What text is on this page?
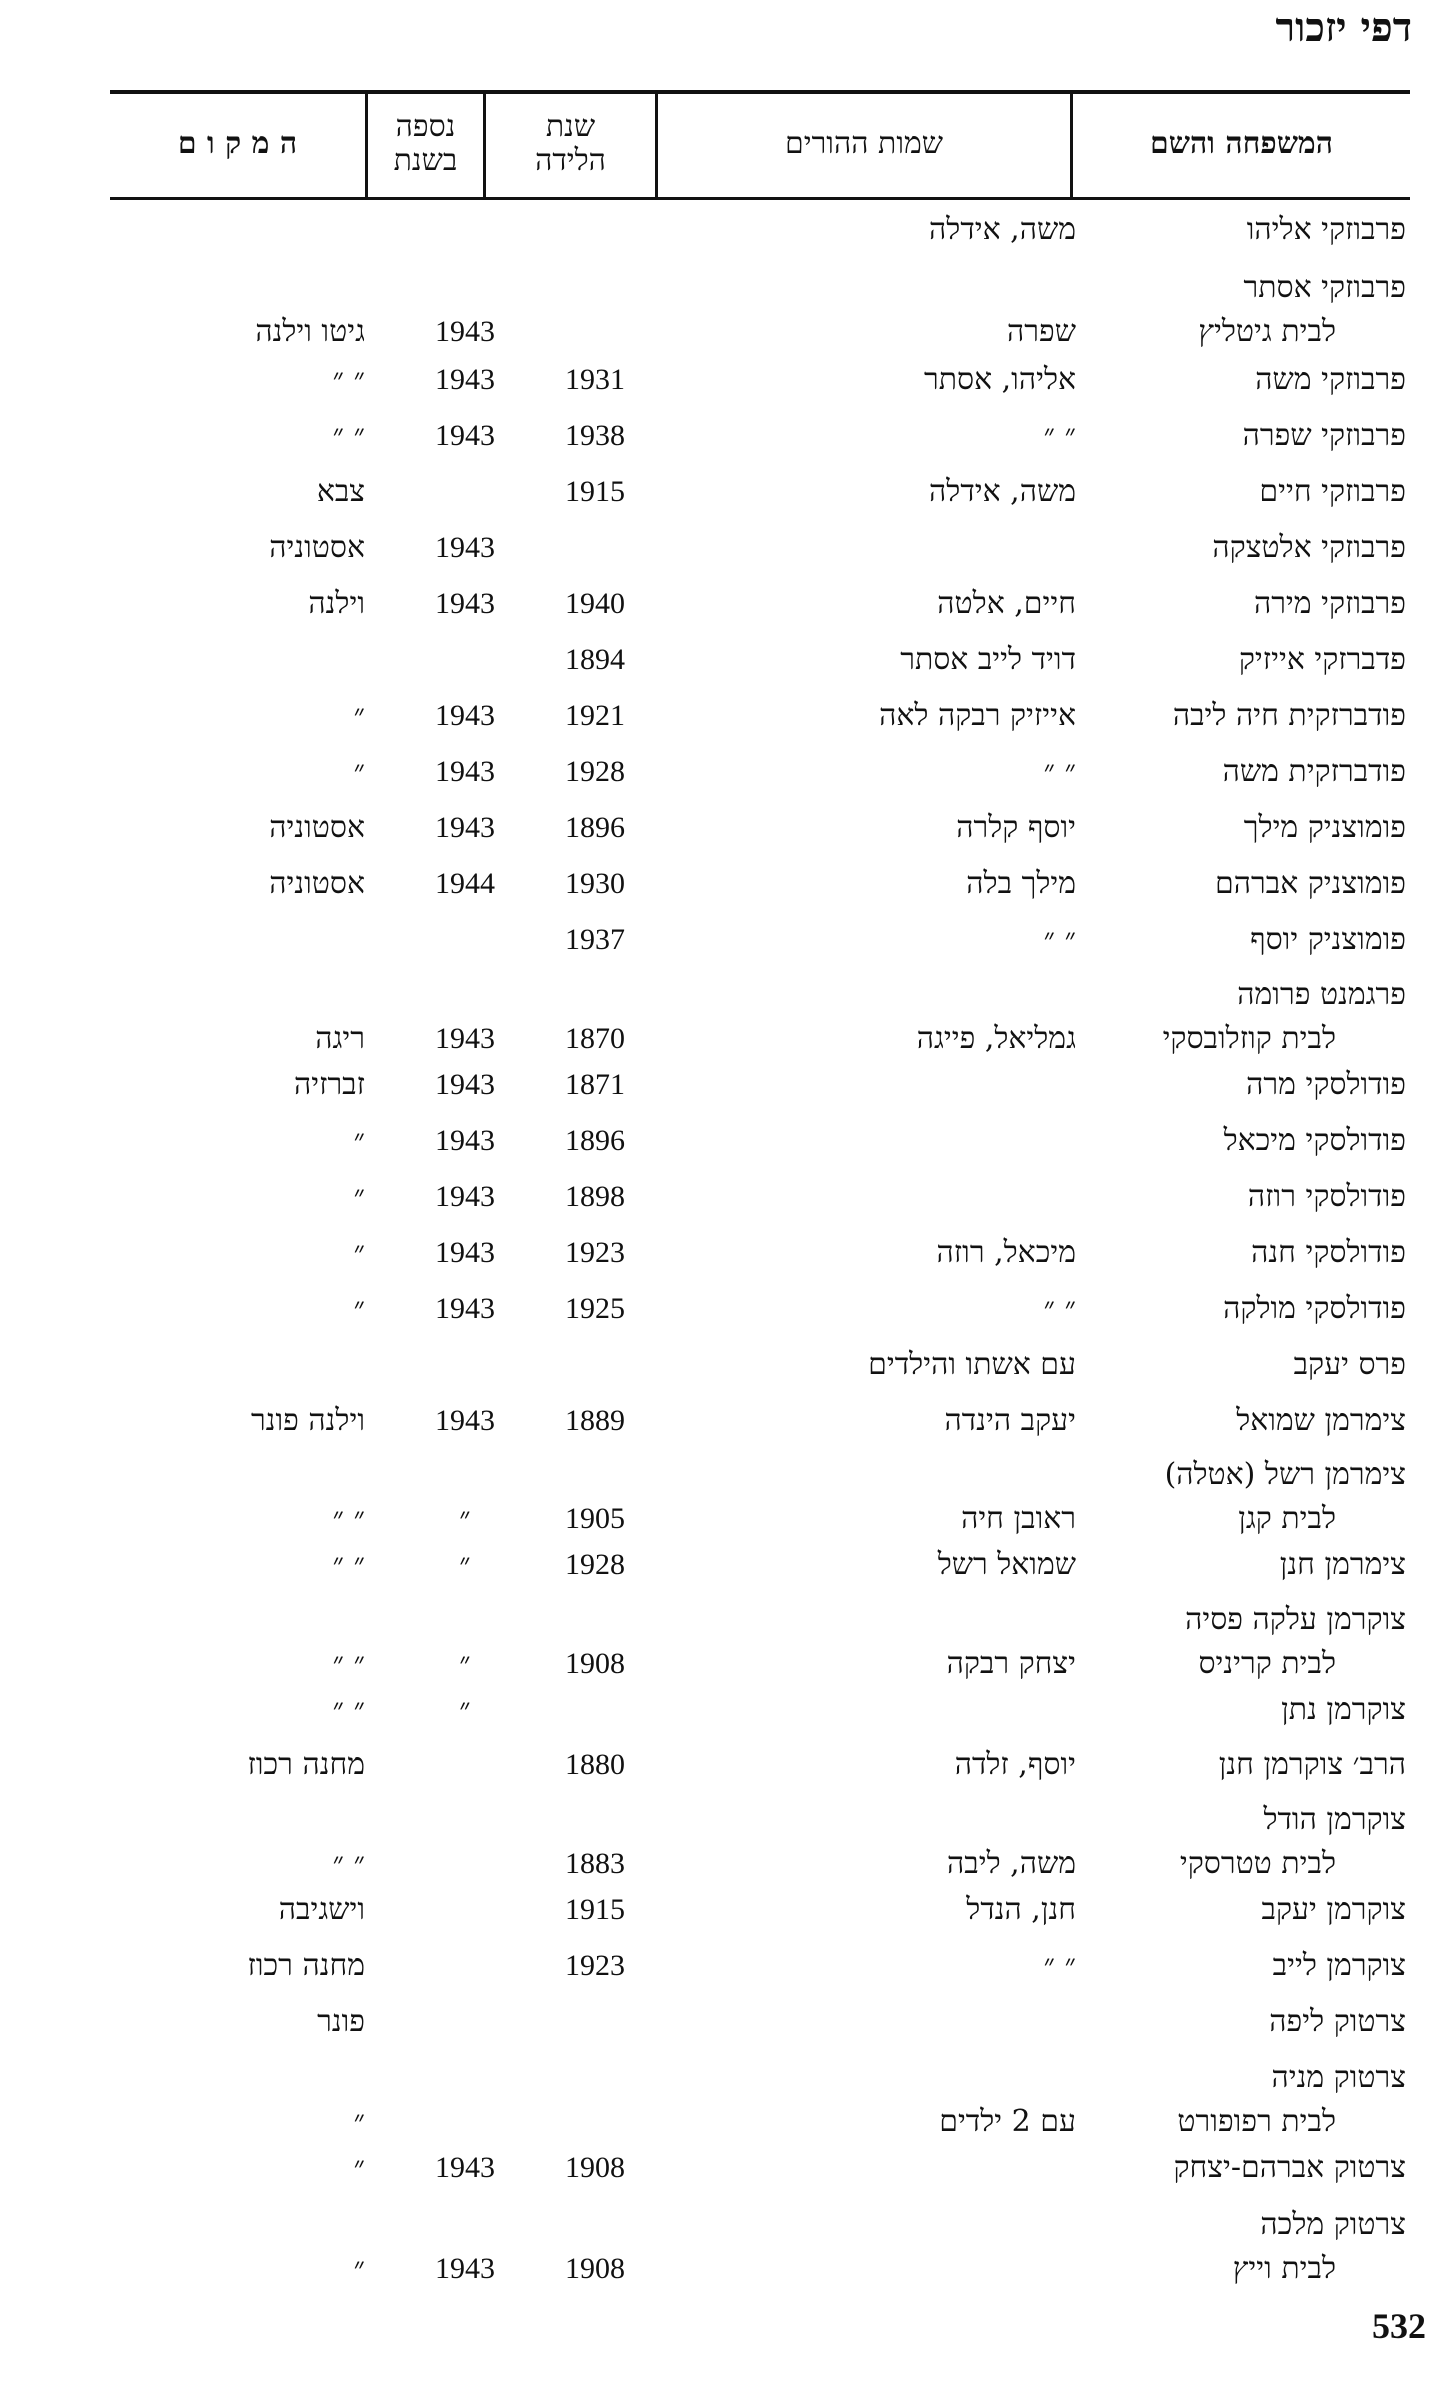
דפי יזכור
המשפחה והשם
שמות ההורים
שנת
הלידה
נספה
בשנת
ה מ ק ו ם
פרבוזקי אליהו
משה, אידלה
פרבוזקי אסתר
לבית גיטליץ
שפרה
1943
גיטו וילנה
פרבוזקי משה
אליהו, אסתר
1931
1943
״ ״
פרבוזקי שפרה
״ ״
1938
1943
״ ״
פרבוזקי חיים
משה, אידלה
1915
צבא
פרבוזקי אלטצקה
1943
אסטוניה
פרבוזקי מירה
חיים, אלטה
1940
1943
וילנה
פדברזקי אייזיק
דויד לייב אסתר
1894
פודברזקית חיה ליבה
אייזיק רבקה לאה
1921
1943
״
פודברזקית משה
״ ״
1928
1943
״
פומוצניק מילך
יוסף קלרה
1896
1943
אסטוניה
פומוצניק אברהם
מילך בלה
1930
1944
אסטוניה
פומוצניק יוסף
״ ״
1937
פרגמנט פרומה
לבית קוזלובסקי
גמליאל, פייגה
1870
1943
ריגה
פודולסקי מרה
1871
1943
זברזיה
פודולסקי מיכאל
1896
1943
״
פודולסקי רוזה
1898
1943
״
פודולסקי חנה
מיכאל, רוזה
1923
1943
״
פודולסקי מולקה
״ ״
1925
1943
״
פרס יעקב
עם אשתו והילדים
צימרמן שמואל
יעקב הינדה
1889
1943
וילנה פונר
צימרמן רשל (אטלה)
לבית קגן
ראובן חיה
1905
״
״ ״
צימרמן חנן
שמואל רשל
1928
״
״ ״
צוקרמן עלקה פסיה
לבית קריניס
יצחק רבקה
1908
״
״ ״
צוקרמן נתן
״
״ ״
הרב׳ צוקרמן חנן
יוסף, זלדה
1880
מחנה רכוז
צוקרמן הודל
לבית טטרסקי
משה, ליבה
1883
״ ״
צוקרמן יעקב
חנן, הנדל
1915
וישגיבה
צוקרמן לייב
״ ״
1923
מחנה רכוז
צרטוק ליפה
פונר
צרטוק מניה
לבית רפופורט
עם 2 ילדים
״
צרטוק אברהם-יצחק
1908
1943
״
צרטוק מלכה
לבית וייץ
1908
1943
״
532
